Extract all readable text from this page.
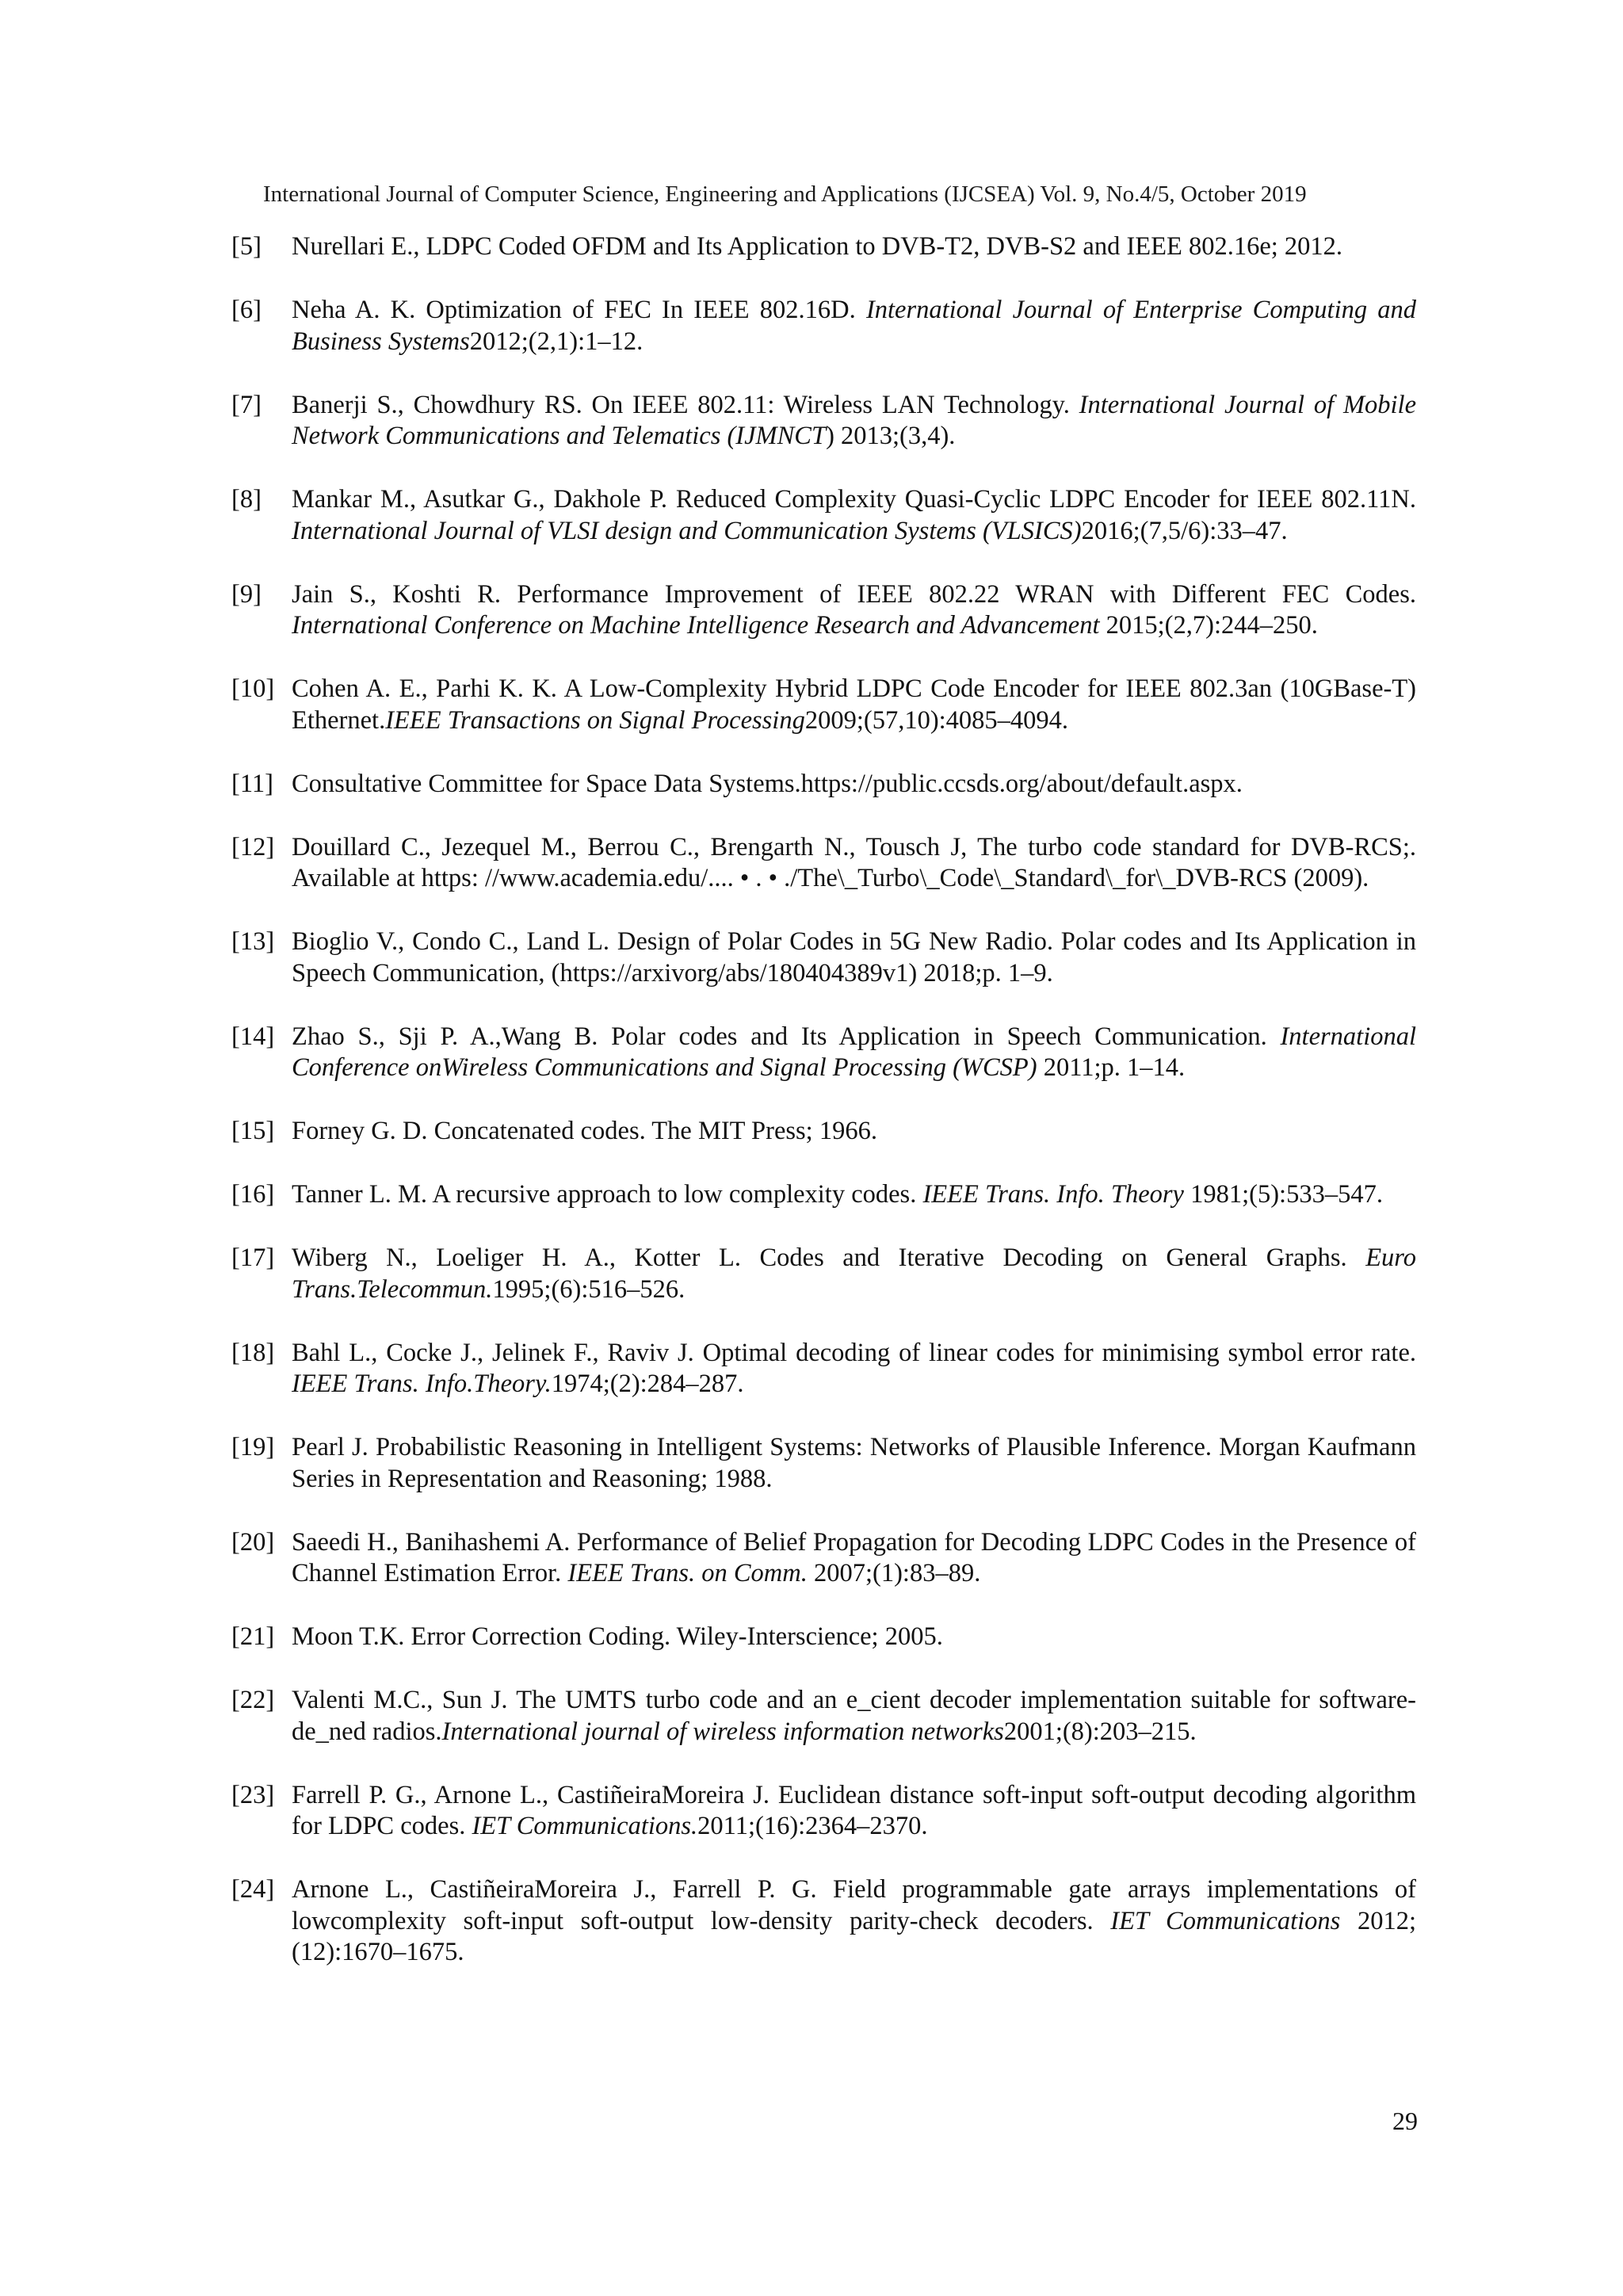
International Journal of Computer Science, Engineering and Applications (IJCSEA) Vol. 9, No.4/5, October 2019
[5] Nurellari E., LDPC Coded OFDM and Its Application to DVB-T2, DVB-S2 and IEEE 802.16e; 2012.
[6] Neha A. K. Optimization of FEC In IEEE 802.16D. International Journal of Enterprise Computing and Business Systems2012;(2,1):1–12.
[7] Banerji S., Chowdhury RS. On IEEE 802.11: Wireless LAN Technology. International Journal of Mobile Network Communications and Telematics (IJMNCT) 2013;(3,4).
[8] Mankar M., Asutkar G., Dakhole P. Reduced Complexity Quasi-Cyclic LDPC Encoder for IEEE 802.11N. International Journal of VLSI design and Communication Systems (VLSICS)2016;(7,5/6):33–47.
[9] Jain S., Koshti R. Performance Improvement of IEEE 802.22 WRAN with Different FEC Codes. International Conference on Machine Intelligence Research and Advancement 2015;(2,7):244–250.
[10] Cohen A. E., Parhi K. K. A Low-Complexity Hybrid LDPC Code Encoder for IEEE 802.3an (10GBase-T) Ethernet.IEEE Transactions on Signal Processing2009;(57,10):4085–4094.
[11] Consultative Committee for Space Data Systems.https://public.ccsds.org/about/default.aspx.
[12] Douillard C., Jezequel M., Berrou C., Brengarth N., Tousch J, The turbo code standard for DVB-RCS;. Available at https: //www.academia.edu/.... • . • ./The\_Turbo\_Code\_Standard\_for\_DVB-RCS (2009).
[13] Bioglio V., Condo C., Land L. Design of Polar Codes in 5G New Radio. Polar codes and Its Application in Speech Communication, (https://arxivorg/abs/180404389v1) 2018;p. 1–9.
[14] Zhao S., Sji P. A.,Wang B. Polar codes and Its Application in Speech Communication. International Conference onWireless Communications and Signal Processing (WCSP) 2011;p. 1–14.
[15] Forney G. D. Concatenated codes. The MIT Press; 1966.
[16] Tanner L. M. A recursive approach to low complexity codes. IEEE Trans. Info. Theory 1981;(5):533–547.
[17] Wiberg N., Loeliger H. A., Kotter L. Codes and Iterative Decoding on General Graphs. Euro Trans.Telecommun.1995;(6):516–526.
[18] Bahl L., Cocke J., Jelinek F., Raviv J. Optimal decoding of linear codes for minimising symbol error rate. IEEE Trans. Info.Theory.1974;(2):284–287.
[19] Pearl J. Probabilistic Reasoning in Intelligent Systems: Networks of Plausible Inference. Morgan Kaufmann Series in Representation and Reasoning; 1988.
[20] Saeedi H., Banihashemi A. Performance of Belief Propagation for Decoding LDPC Codes in the Presence of Channel Estimation Error. IEEE Trans. on Comm. 2007;(1):83–89.
[21] Moon T.K. Error Correction Coding. Wiley-Interscience; 2005.
[22] Valenti M.C., Sun J. The UMTS turbo code and an e_cient decoder implementation suitable for software-de_ned radios.International journal of wireless information networks2001;(8):203–215.
[23] Farrell P. G., Arnone L., CastiñeiraMoreira J. Euclidean distance soft-input soft-output decoding algorithm for LDPC codes. IET Communications.2011;(16):2364–2370.
[24] Arnone L., CastiñeiraMoreira J., Farrell P. G. Field programmable gate arrays implementations of lowcomplexity soft-input soft-output low-density parity-check decoders. IET Communications 2012;(12):1670–1675.
29
